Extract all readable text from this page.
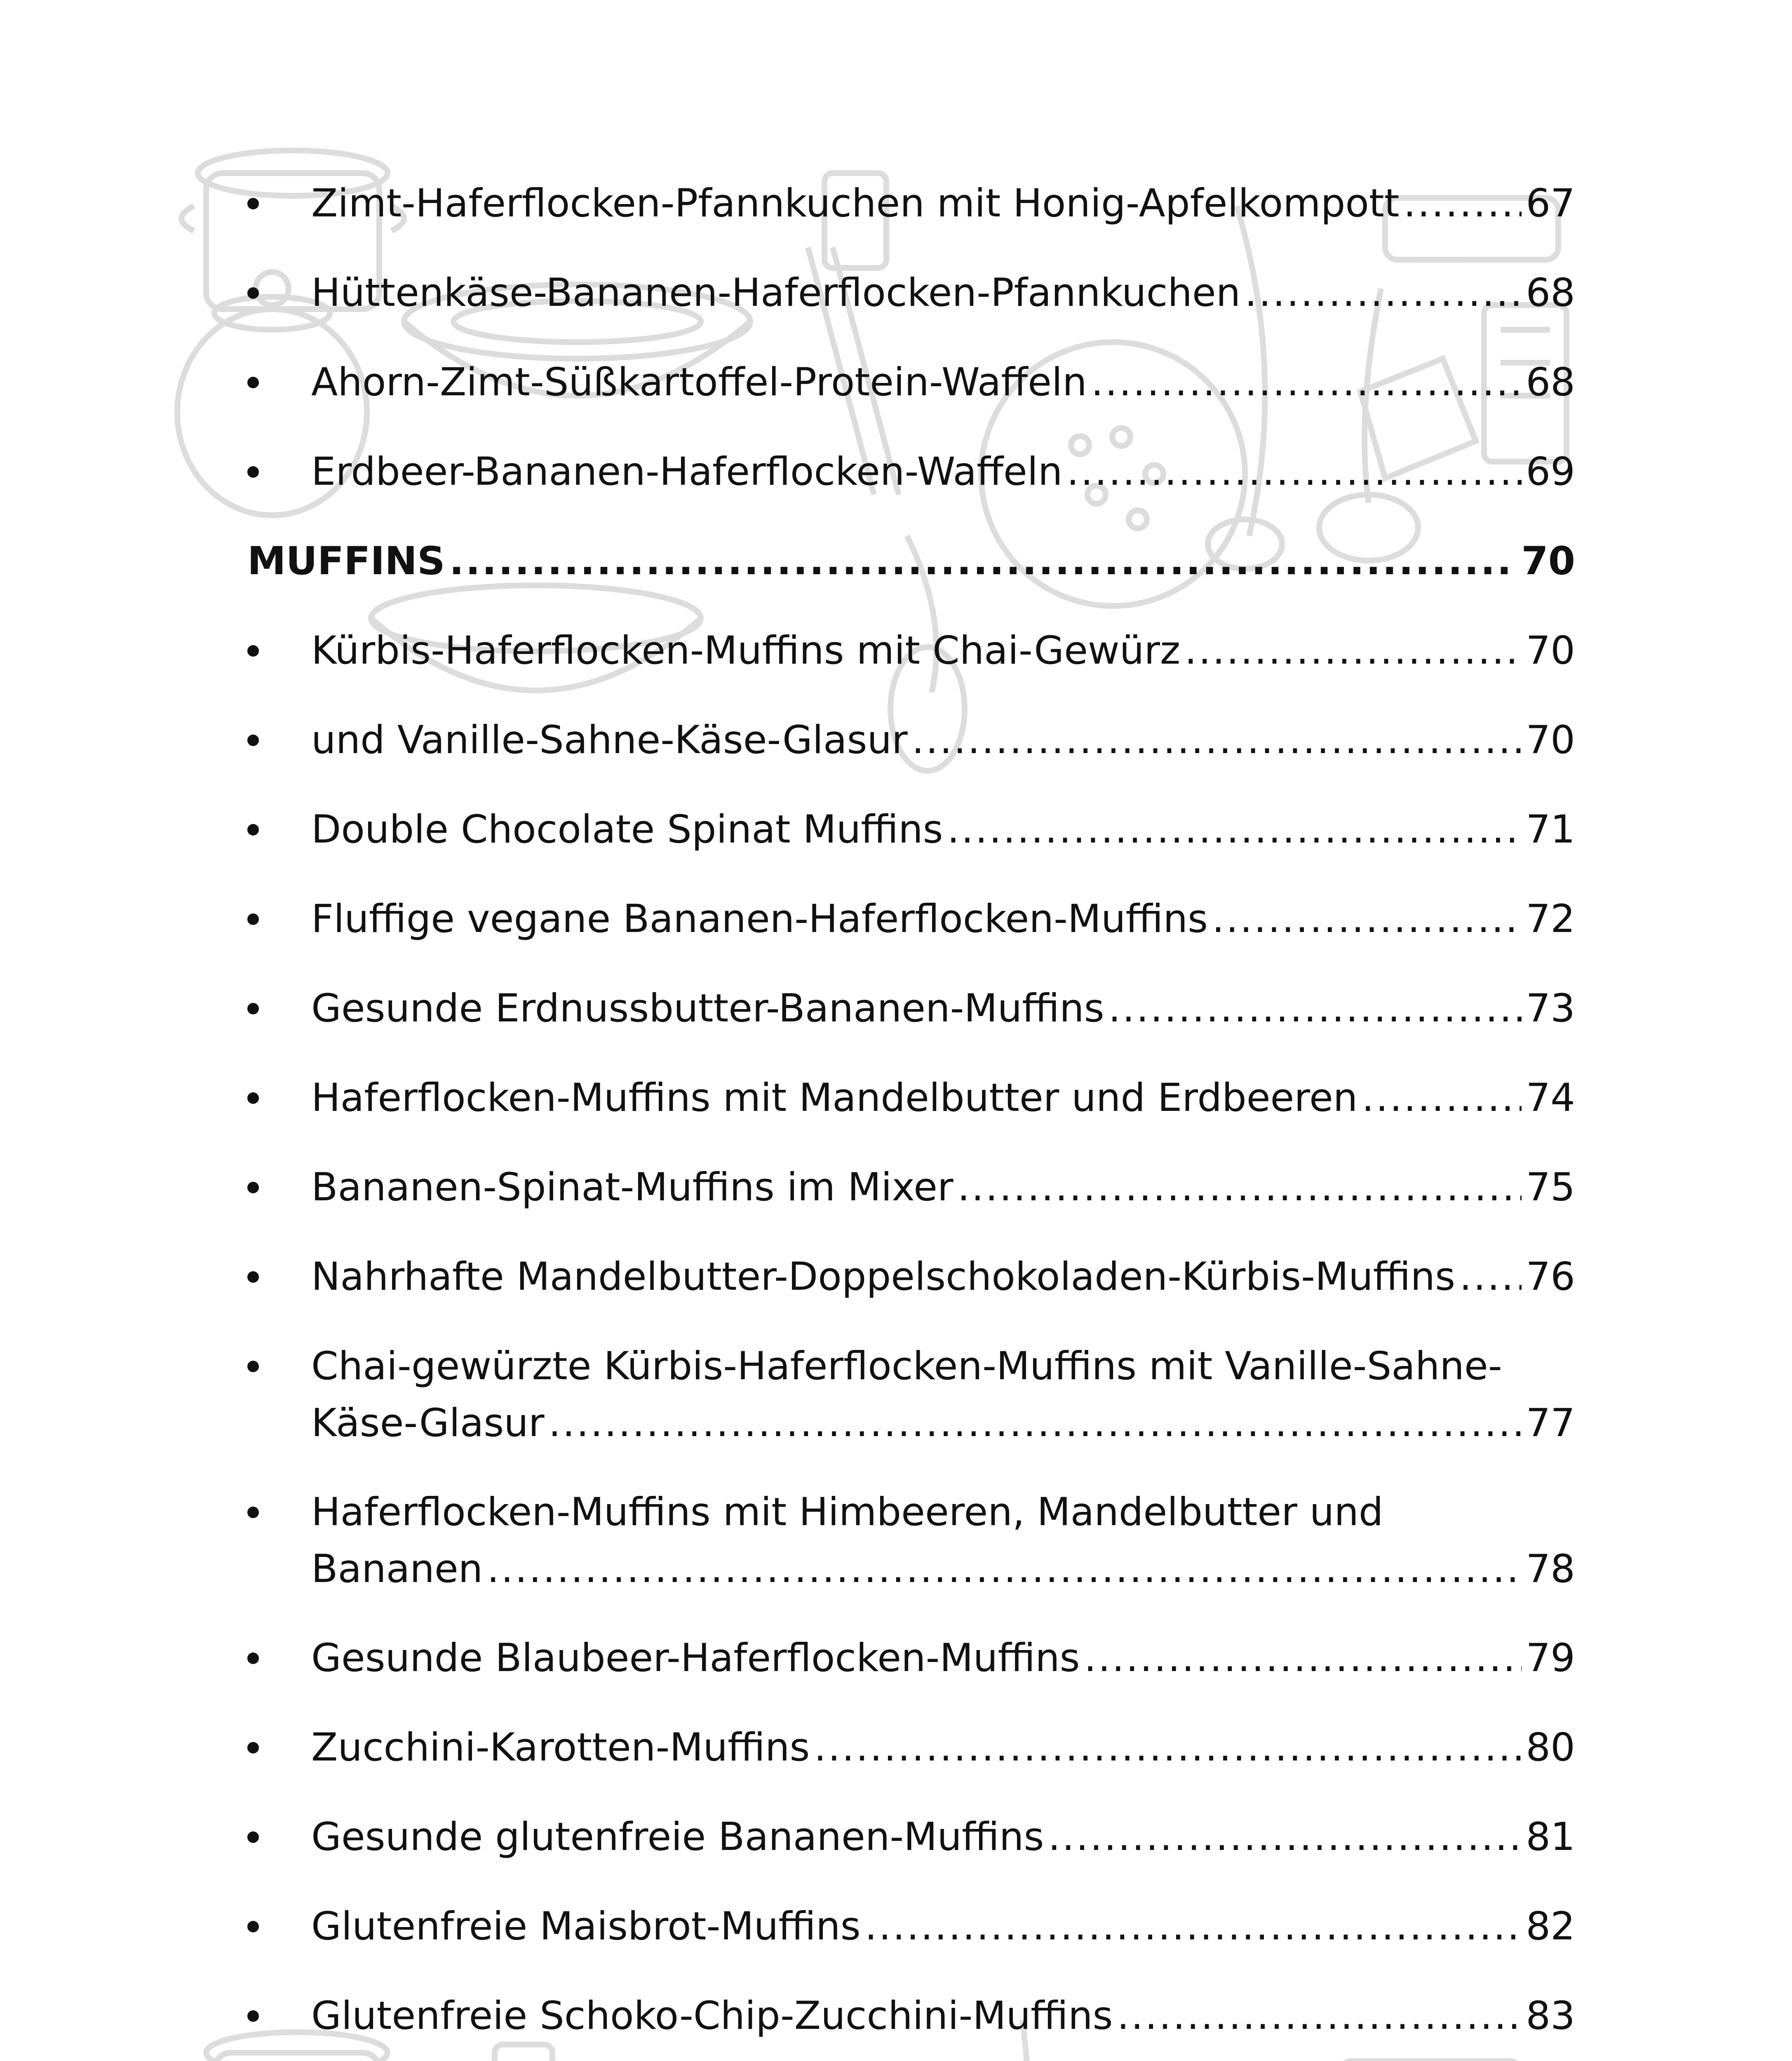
Zimt-Haferflocken-Pfannkuchen mit Honig-Apfelkompott .....	67
Hüttenkäse-Bananen-Haferflocken-Pfannkuchen .....	68
Ahorn-Zimt-Süßkartoffel-Protein-Waffeln .....	68
Erdbeer-Bananen-Haferflocken-Waffeln .....	69
MUFFINS .....	70
Kürbis-Haferflocken-Muffins mit Chai-Gewürz .....	70
und Vanille-Sahne-Käse-Glasur .....	70
Double Chocolate Spinat Muffins .....	71
Fluffige vegane Bananen-Haferflocken-Muffins .....	72
Gesunde Erdnussbutter-Bananen-Muffins .....	73
Haferflocken-Muffins mit Mandelbutter und Erdbeeren .....	74
Bananen-Spinat-Muffins im Mixer .....	75
Nahrhafte Mandelbutter-Doppelschokoladen-Kürbis-Muffins ..... 76
Chai-gewürzte Kürbis-Haferflocken-Muffins mit Vanille-Sahne-
Käse-Glasur .....	77
Haferflocken-Muffins mit Himbeeren, Mandelbutter und
Bananen .....	78
Gesunde Blaubeer-Haferflocken-Muffins .....	79
Zucchini-Karotten-Muffins .....	80
Gesunde glutenfreie Bananen-Muffins .....	81
Glutenfreie Maisbrot-Muffins .....	82
Glutenfreie Schoko-Chip-Zucchini-Muffins .....	83
